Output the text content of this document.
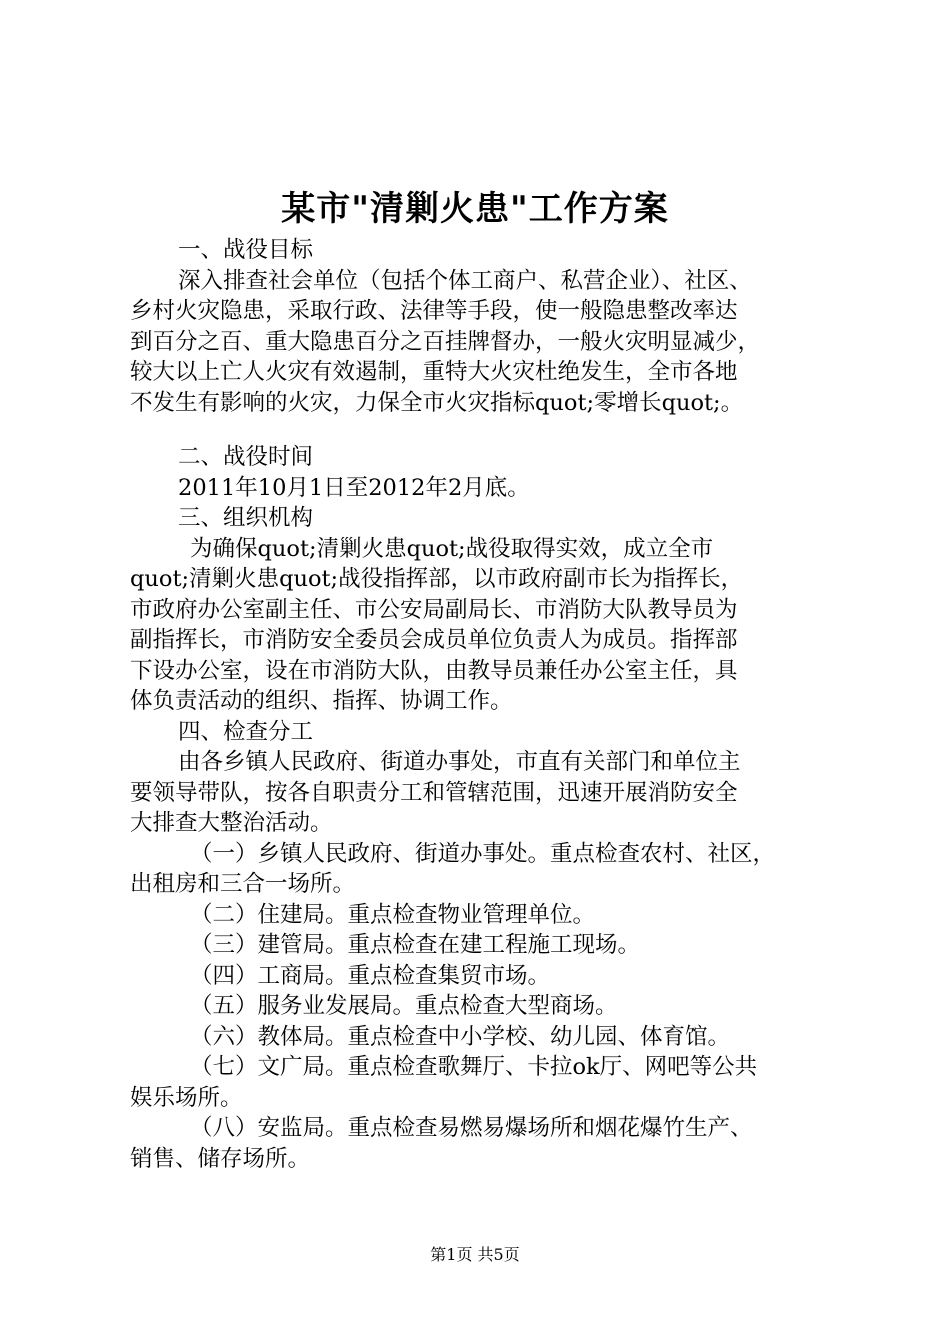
某市"清剿火患"工作方案

一、战役目标

深入排查社会单位（包括个体工商户、私营企业）、社区、

乡村火灾隐患，采取行政、法律等手段，使一般隐患整改率达

到百分之百、重大隐患百分之百挂牌督办，一般火灾明显减少，

较大以上亡人火灾有效遏制，重特大火灾杜绝发生，全市各地

不发生有影响的火灾，力保全市火灾指标quot;零增长quot;。

二、战役时间

2011年10月1日至2012年2月底。

三、组织机构

为确保quot;清剿火患quot;战役取得实效，成立全市

quot;清剿火患quot;战役指挥部，以市政府副市长为指挥长，

市政府办公室副主任、市公安局副局长、市消防大队教导员为

副指挥长，市消防安全委员会成员单位负责人为成员。指挥部

下设办公室，设在市消防大队，由教导员兼任办公室主任，具

体负责活动的组织、指挥、协调工作。

四、检查分工

由各乡镇人民政府、街道办事处，市直有关部门和单位主

要领导带队，按各自职责分工和管辖范围，迅速开展消防安全

大排查大整治活动。

（一）乡镇人民政府、街道办事处。重点检查农村、社区，

出租房和三合一场所。

（二）住建局。重点检查物业管理单位。

（三）建管局。重点检查在建工程施工现场。

（四）工商局。重点检查集贸市场。

（五）服务业发展局。重点检查大型商场。

（六）教体局。重点检查中小学校、幼儿园、体育馆。

（七）文广局。重点检查歌舞厅、卡拉ok厅、网吧等公共

娱乐场所。

（八）安监局。重点检查易燃易爆场所和烟花爆竹生产、

销售、储存场所。

第1页 共5页
